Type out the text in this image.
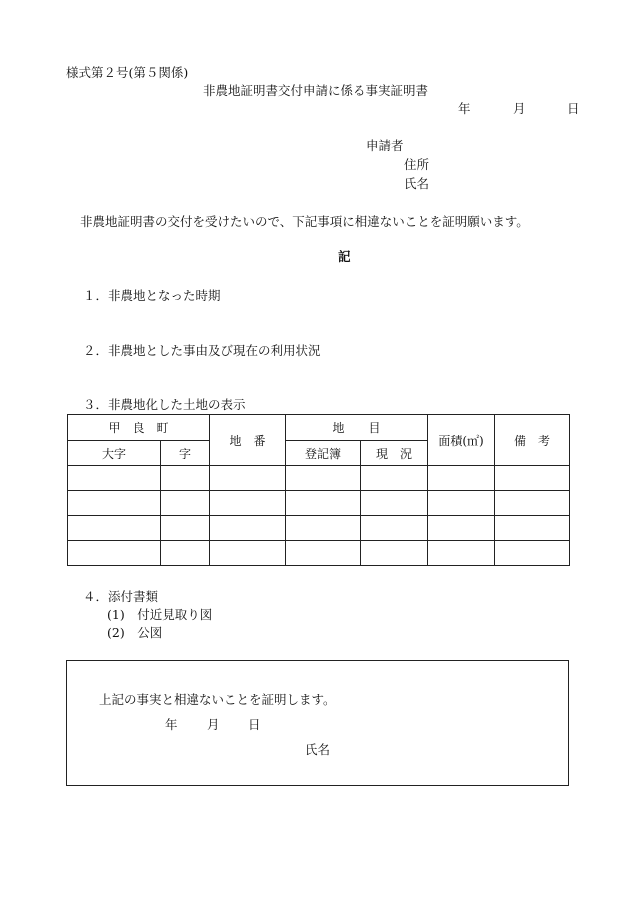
様式第２号(第５関係)
非農地証明書交付申請に係る事実証明書
年	月	日
申請者
住所
氏名
非農地証明書の交付を受けたいので、下記事項に相違ないことを証明願います。
記
１．非農地となった時期
２．非農地とした事由及び現在の利用状況
３．非農地化した土地の表示
甲　良　町		地　番	地　　目		面積(㎡)	備　考
大字	字		登記簿	現　況		

４．添付書類
(1)　付近見取り図
(2)　公図
上記の事実と相違ないことを証明します。
年 月 日
氏名
